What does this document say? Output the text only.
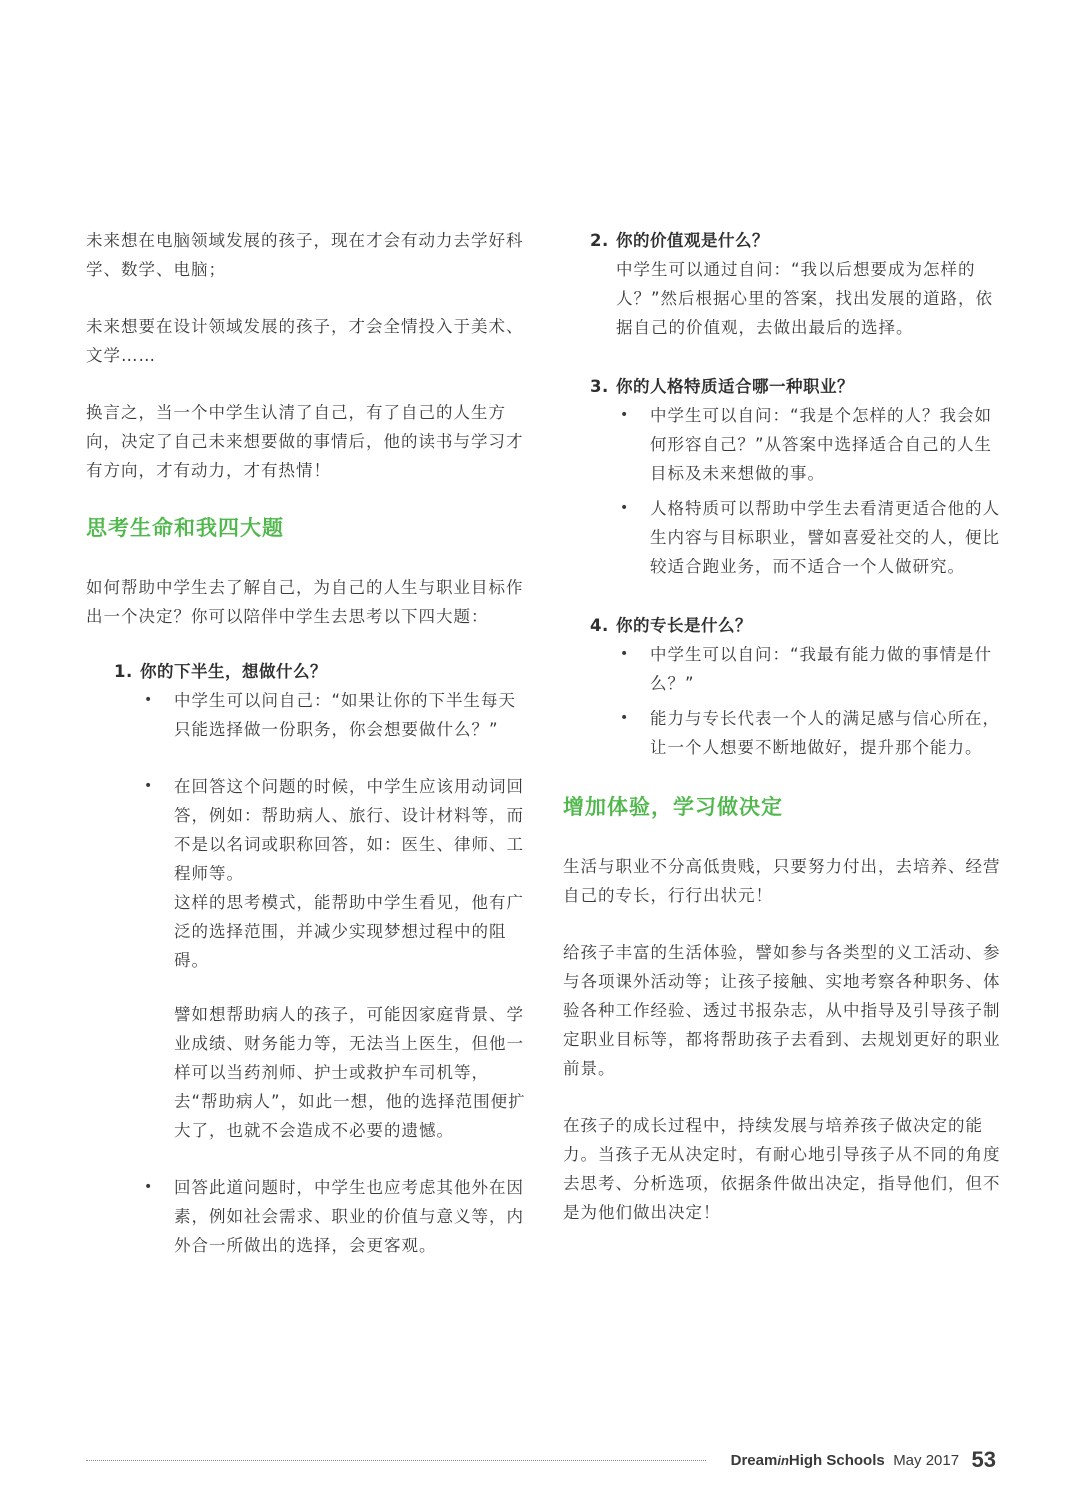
未来想在电脑领域发展的孩子，现在才会有动力去学好科学、数学、电脑；

未来想要在设计领域发展的孩子，才会全情投入于美术、文学……

换言之，当一个中学生认清了自己，有了自己的人生方向，决定了自己未来想要做的事情后，他的读书与学习才有方向，才有动力，才有热情！

思考生命和我四大题

如何帮助中学生去了解自己，为自己的人生与职业目标作出一个决定？你可以陪伴中学生去思考以下四大题：

1. 你的下半生，想做什么？
• 中学生可以问自己：“如果让你的下半生每天只能选择做一份职务，你会想要做什么？”
• 在回答这个问题的时候，中学生应该用动词回答，例如：帮助病人、旅行、设计材料等，而不是以名词或职称回答，如：医生、律师、工程师等。
这样的思考模式，能帮助中学生看见，他有广泛的选择范围，并减少实现梦想过程中的阻碍。
譬如想帮助病人的孩子，可能因家庭背景、学业成绩、财务能力等，无法当上医生，但他一样可以当药剂师、护士或救护车司机等，去“帮助病人”，如此一想，他的选择范围便扩大了，也就不会造成不必要的遗憾。
• 回答此道问题时，中学生也应考虑其他外在因素，例如社会需求、职业的价值与意义等，内外合一所做出的选择，会更客观。
2. 你的价值观是什么？
中学生可以通过自问：“我以后想要成为怎样的人？”然后根据心里的答案，找出发展的道路，依据自己的价值观，去做出最后的选择。
3. 你的人格特质适合哪一种职业？
• 中学生可以自问：“我是个怎样的人？我会如何形容自己？”从答案中选择适合自己的人生目标及未来想做的事。
• 人格特质可以帮助中学生去看清更适合他的人生内容与目标职业，譬如喜爱社交的人，便比较适合跑业务，而不适合一个人做研究。
4. 你的专长是什么？
• 中学生可以自问：“我最有能力做的事情是什么？”
• 能力与专长代表一个人的满足感与信心所在，让一个人想要不断地做好，提升那个能力。
增加体验，学习做决定

生活与职业不分高低贵贱，只要努力付出，去培养、经营自己的专长，行行出状元！

给孩子丰富的生活体验，譬如参与各类型的义工活动、参与各项课外活动等；让孩子接触、实地考察各种职务、体验各种工作经验、透过书报杂志，从中指导及引导孩子制定职业目标等，都将帮助孩子去看到、去规划更好的职业前景。

在孩子的成长过程中，持续发展与培养孩子做决定的能力。当孩子无从决定时，有耐心地引导孩子从不同的角度去思考、分析选项，依据条件做出决定，指导他们，但不是为他们做出决定！

DreaminHigh Schools May 2017 53
